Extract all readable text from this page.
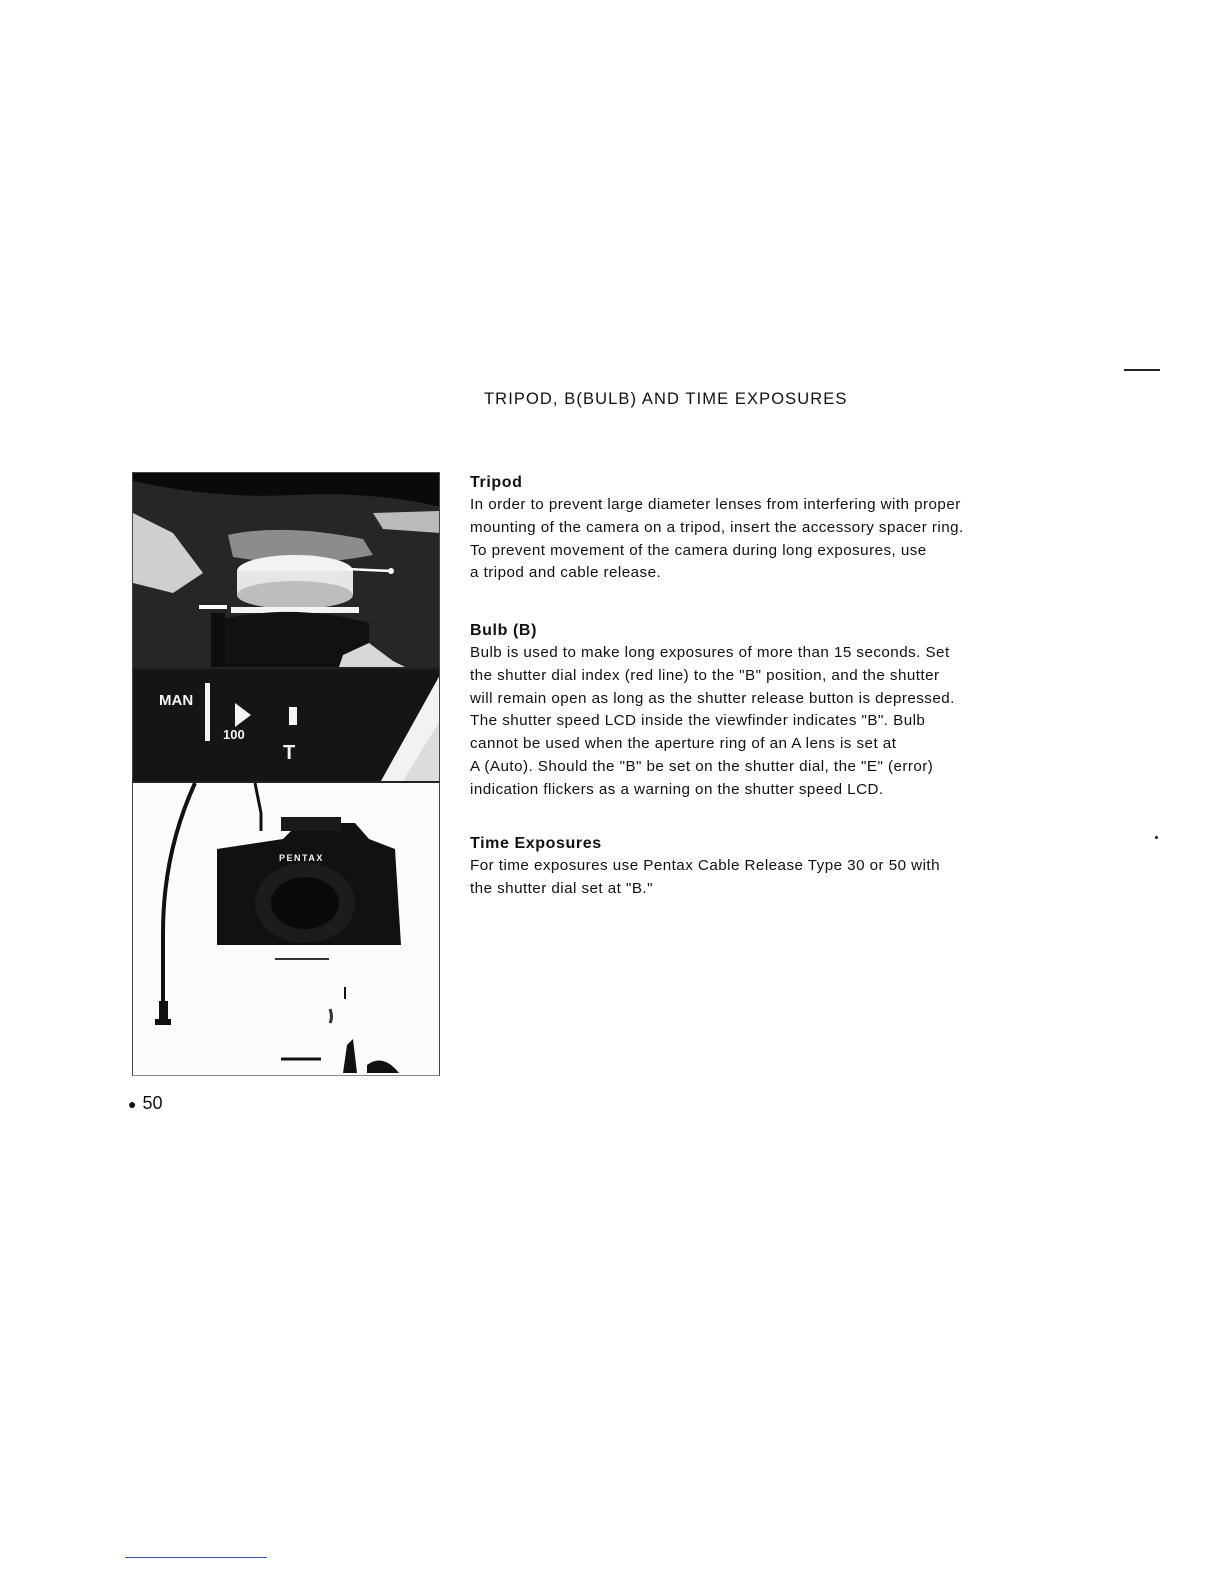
TRIPOD, B(BULB) AND TIME EXPOSURES
MAN
100
T
PENTAX
Tripod
In order to prevent large diameter lenses from interfering with proper
mounting of the camera on a tripod, insert the accessory spacer ring.
To prevent movement of the camera during long exposures, use
a tripod and cable release.
Bulb (B)
Bulb is used to make long exposures of more than 15 seconds. Set
the shutter dial index (red line) to the "B" position, and the shutter
will remain open as long as the shutter release button is depressed.
The shutter speed LCD inside the viewfinder indicates "B". Bulb
cannot be used when the aperture ring of an A lens is set at
A (Auto). Should the "B" be set on the shutter dial, the "E" (error)
indication flickers as a warning on the shutter speed LCD.
Time Exposures
For time exposures use Pentax Cable Release Type 30 or 50 with
the shutter dial set at "B."
● 50
